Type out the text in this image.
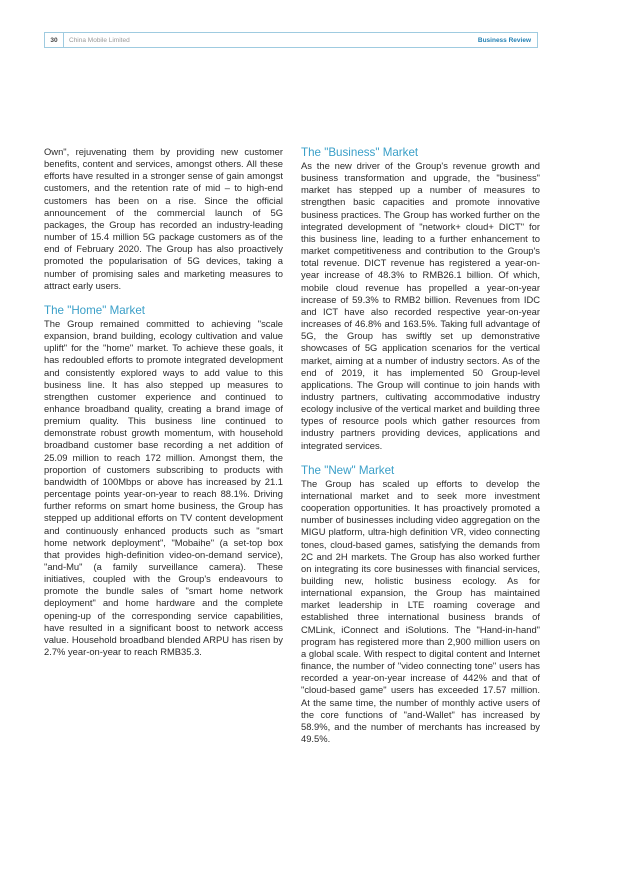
30	China Mobile Limited	Business Review

Own", rejuvenating them by providing new customer benefits, content and services, amongst others. All these efforts have resulted in a stronger sense of gain amongst customers, and the retention rate of mid – to high-end customers has been on a rise. Since the official announcement of the commercial launch of 5G packages, the Group has recorded an industry-leading number of 15.4 million 5G package customers as of the end of February 2020. The Group has also proactively promoted the popularisation of 5G devices, taking a number of promising sales and marketing measures to attract early users.

The "Home" Market

The Group remained committed to achieving "scale expansion, brand building, ecology cultivation and value uplift" for the "home" market. To achieve these goals, it has redoubled efforts to promote integrated development and consistently explored ways to add value to this business line. It has also stepped up measures to strengthen customer experience and continued to enhance broadband quality, creating a brand image of premium quality. This business line continued to demonstrate robust growth momentum, with household broadband customer base recording a net addition of 25.09 million to reach 172 million. Amongst them, the proportion of customers subscribing to products with bandwidth of 100Mbps or above has increased by 21.1 percentage points year-on-year to reach 88.1%. Driving further reforms on smart home business, the Group has stepped up additional efforts on TV content development and continuously enhanced products such as "smart home network deployment", "Mobaihe" (a set-top box that provides high-definition video-on-demand service), "and-Mu" (a family surveillance camera). These initiatives, coupled with the Group's endeavours to promote the bundle sales of "smart home network deployment" and home hardware and the complete opening-up of the corresponding service capabilities, have resulted in a significant boost to network access value. Household broadband blended ARPU has risen by 2.7% year-on-year to reach RMB35.3.

The "Business" Market

As the new driver of the Group's revenue growth and business transformation and upgrade, the "business" market has stepped up a number of measures to strengthen basic capacities and promote innovative business practices. The Group has worked further on the integrated development of "network+ cloud+ DICT" for this business line, leading to a further enhancement to market competitiveness and contribution to the Group's total revenue. DICT revenue has registered a year-on-year increase of 48.3% to RMB26.1 billion. Of which, mobile cloud revenue has propelled a year-on-year increase of 59.3% to RMB2 billion. Revenues from IDC and ICT have also recorded respective year-on-year increases of 46.8% and 163.5%. Taking full advantage of 5G, the Group has swiftly set up demonstrative showcases of 5G application scenarios for the vertical market, aiming at a number of industry sectors. As of the end of 2019, it has implemented 50 Group-level applications. The Group will continue to join hands with industry partners, cultivating accommodative industry ecology inclusive of the vertical market and building three types of resource pools which gather resources from industry partners providing devices, applications and integrated services.

The "New" Market

The Group has scaled up efforts to develop the international market and to seek more investment cooperation opportunities. It has proactively promoted a number of businesses including video aggregation on the MIGU platform, ultra-high definition VR, video connecting tones, cloud-based games, satisfying the demands from 2C and 2H markets. The Group has also worked further on integrating its core businesses with financial services, building new, holistic business ecology. As for international expansion, the Group has maintained market leadership in LTE roaming coverage and established three international business brands of CMLink, iConnect and iSolutions. The "Hand-in-hand" program has registered more than 2,900 million users on a global scale. With respect to digital content and Internet finance, the number of "video connecting tone" users has recorded a year-on-year increase of 442% and that of "cloud-based game" users has exceeded 17.57 million. At the same time, the number of monthly active users of the core functions of "and-Wallet" has increased by 58.9%, and the number of merchants has increased by 49.5%.
